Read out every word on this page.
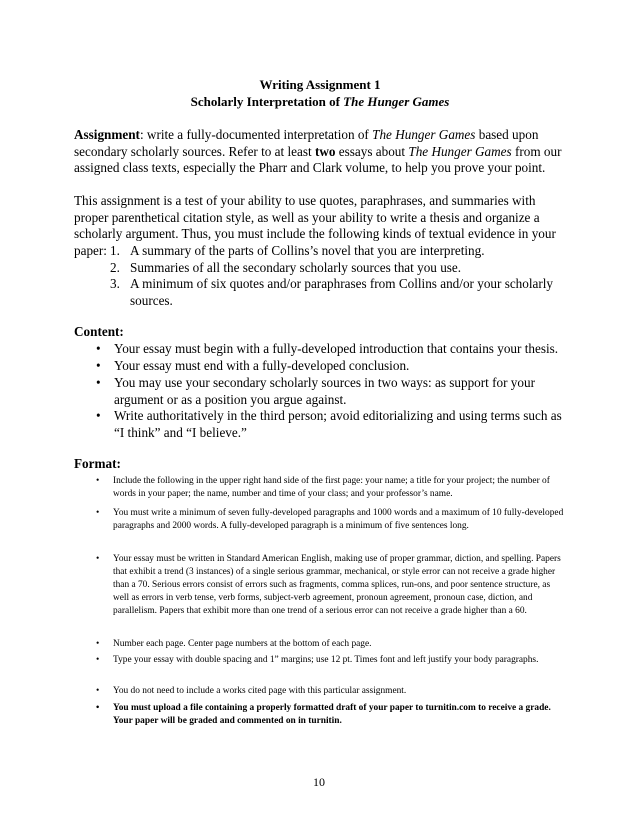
Writing Assignment 1
Scholarly Interpretation of The Hunger Games
Assignment: write a fully-documented interpretation of The Hunger Games based upon secondary scholarly sources. Refer to at least two essays about The Hunger Games from our assigned class texts, especially the Pharr and Clark volume, to help you prove your point.
This assignment is a test of your ability to use quotes, paraphrases, and summaries with proper parenthetical citation style, as well as your ability to write a thesis and organize a scholarly argument. Thus, you must include the following kinds of textual evidence in your paper: 1. A summary of the parts of Collins’s novel that you are interpreting.
2. Summaries of all the secondary scholarly sources that you use.
3. A minimum of six quotes and/or paraphrases from Collins and/or your scholarly sources.
Content:
• Your essay must begin with a fully-developed introduction that contains your thesis.
• Your essay must end with a fully-developed conclusion.
• You may use your secondary scholarly sources in two ways: as support for your argument or as a position you argue against.
• Write authoritatively in the third person; avoid editorializing and using terms such as “I think” and “I believe.”
Format:
• Include the following in the upper right hand side of the first page: your name; a title for your project; the number of words in your paper; the name, number and time of your class; and your professor’s name.
• You must write a minimum of seven fully-developed paragraphs and 1000 words and a maximum of 10 fully-developed paragraphs and 2000 words. A fully-developed paragraph is a minimum of five sentences long.
• Your essay must be written in Standard American English, making use of proper grammar, diction, and spelling. Papers that exhibit a trend (3 instances) of a single serious grammar, mechanical, or style error can not receive a grade higher than a 70. Serious errors consist of errors such as fragments, comma splices, run-ons, and poor sentence structure, as well as errors in verb tense, verb forms, subject-verb agreement, pronoun agreement, pronoun case, diction, and parallelism. Papers that exhibit more than one trend of a serious error can not receive a grade higher than a 60.
• Number each page. Center page numbers at the bottom of each page.
• Type your essay with double spacing and 1” margins; use 12 pt. Times font and left justify your body paragraphs.
• You do not need to include a works cited page with this particular assignment.
• You must upload a file containing a properly formatted draft of your paper to turnitin.com to receive a grade. Your paper will be graded and commented on in turnitin.
10
